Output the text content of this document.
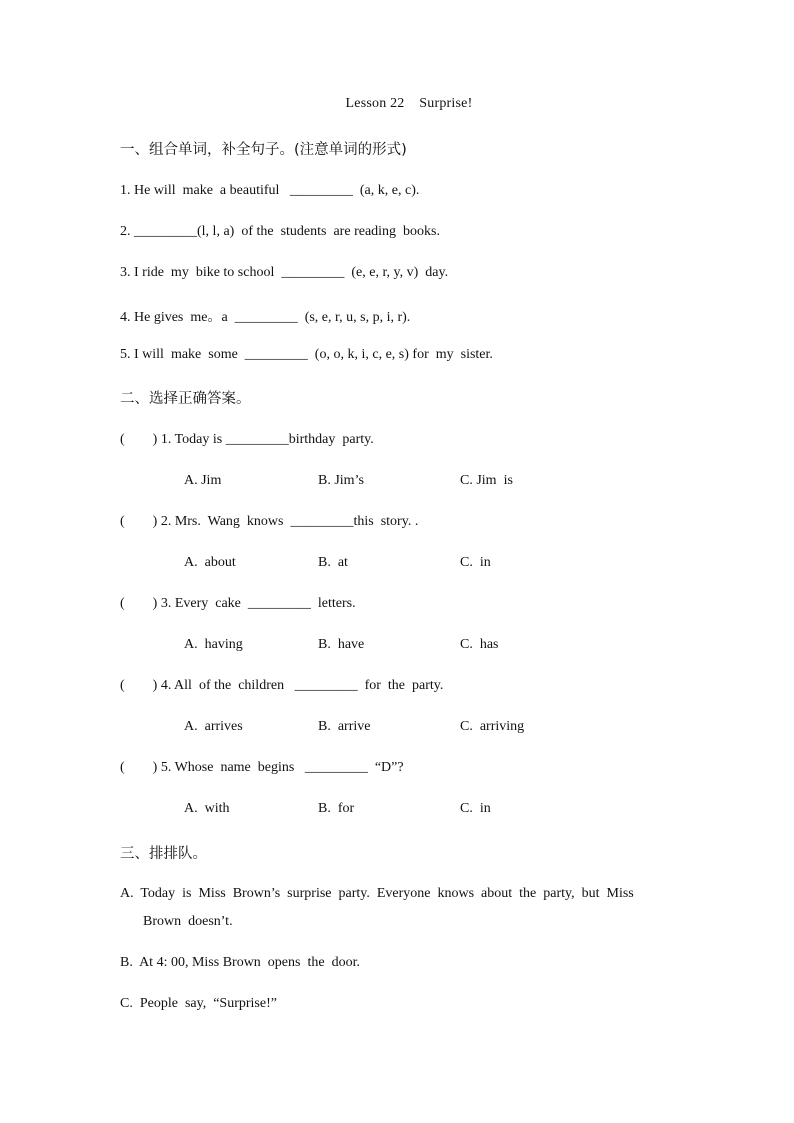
Lesson 22    Surprise!
一、组合单词，补全句子。(注意单词的形式)
1. He will  make  a beautiful   _________  (a, k, e, c).
2. _________(l, l, a)  of the  students  are reading  books.
3. I ride  my  bike to school  _________  (e, e, r, y, v)  day.
4. He gives  me。a  _________  (s, e, r, u, s, p, i, r).
5. I will  make  some  _________  (o, o, k, i, c, e, s) for  my  sister.
二、选择正确答案。
(        ) 1. Today is _________birthday  party.
A. Jim	B. Jim’s	C. Jim  is
(        ) 2. Mrs.  Wang  knows  _________this  story. .
A.  about	B.  at	C.  in
(        ) 3. Every  cake  _________  letters.
A.  having	B.  have	C.  has
(        ) 4. All  of the  children   _________  for  the  party.
A.  arrives	B.  arrive	C.  arriving
(        ) 5. Whose  name  begins   _________  “D”?
A.  with	B.  for	C.  in
三、排排队。
A.  Today  is  Miss  Brown’s  surprise  party.  Everyone  knows  about  the  party,  but  Miss
Brown  doesn’t.
B.  At 4: 00, Miss Brown  opens  the  door.
C.  People  say,  “Surprise!”
